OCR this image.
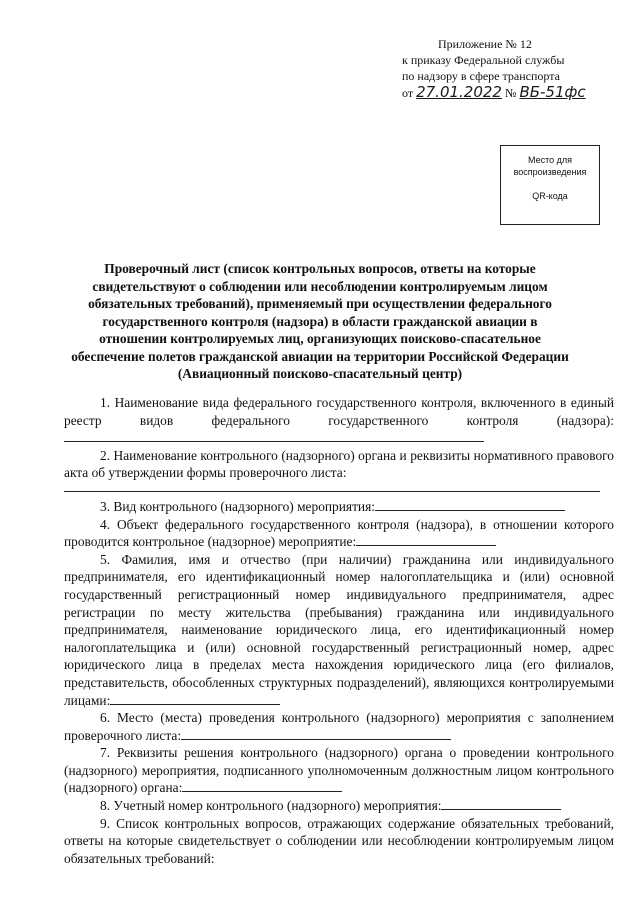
Приложение № 12
к приказу Федеральной службы
по надзору в сфере транспорта
от 27.01.2022 № ВБ-51фс
Место для
воспроизведения
QR-кода
Проверочный лист (список контрольных вопросов, ответы на которые свидетельствуют о соблюдении или несоблюдении контролируемым лицом обязательных требований), применяемый при осуществлении федерального государственного контроля (надзора) в области гражданской авиации в отношении контролируемых лиц, организующих поисково-спасательное обеспечение полетов гражданской авиации на территории Российской Федерации (Авиационный поисково-спасательный центр)

1. Наименование вида федерального государственного контроля, включенного в единый реестр видов федерального государственного контроля (надзора):

2. Наименование контрольного (надзорного) органа и реквизиты нормативного правового акта об утверждении формы проверочного листа:

3. Вид контрольного (надзорного) мероприятия:

4. Объект федерального государственного контроля (надзора), в отношении которого проводится контрольное (надзорное) мероприятие:

5. Фамилия, имя и отчество (при наличии) гражданина или индивидуального предпринимателя, его идентификационный номер налогоплательщика и (или) основной государственный регистрационный номер индивидуального предпринимателя, адрес регистрации по месту жительства (пребывания) гражданина или индивидуального предпринимателя, наименование юридического лица, его идентификационный номер налогоплательщика и (или) основной государственный регистрационный номер, адрес юридического лица в пределах места нахождения юридического лица (его филиалов, представительств, обособленных структурных подразделений), являющихся контролируемыми лицами:

6. Место (места) проведения контрольного (надзорного) мероприятия с заполнением проверочного листа:

7. Реквизиты решения контрольного (надзорного) органа о проведении контрольного (надзорного) мероприятия, подписанного уполномоченным должностным лицом контрольного (надзорного) органа:

8. Учетный номер контрольного (надзорного) мероприятия:

9. Список контрольных вопросов, отражающих содержание обязательных требований, ответы на которые свидетельствует о соблюдении или несоблюдении контролируемым лицом обязательных требований:
